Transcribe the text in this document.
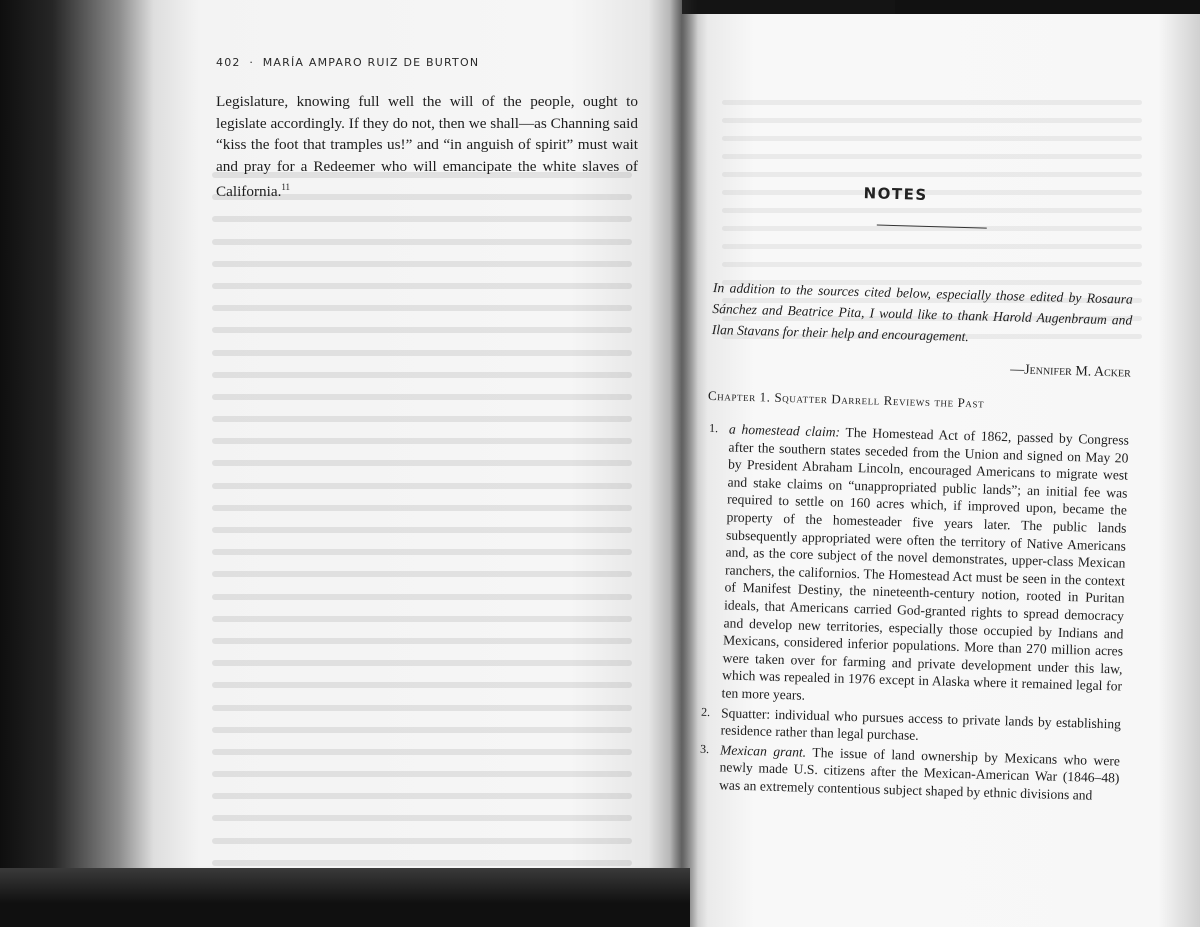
402 · MARÍA AMPARO RUIZ DE BURTON

Legislature, knowing full well the will of the people, ought to legislate accordingly. If they do not, then we shall—as Channing said “kiss the foot that tramples us!” and “in anguish of spirit” must wait and pray for a Redeemer who will emancipate the white slaves of California.$^{11}$	NOTES

In addition to the sources cited below, especially those edited by Rosaura Sánchez and Beatrice Pita, I would like to thank Harold Augenbraum and Ilan Stavans for their help and encouragement.

—Jennifer M. Acker

Chapter 1. Squatter Darrell Reviews the Past
1. a homestead claim: The Homestead Act of 1862, passed by Congress after the southern states seceded from the Union and signed on May 20 by President Abraham Lincoln, encouraged Americans to migrate west and stake claims on “unappropriated public lands”; an initial fee was required to settle on 160 acres which, if improved upon, became the property of the homesteader five years later. The public lands subsequently appropriated were often the territory of Native Americans and, as the core subject of the novel demonstrates, upper-class Mexican ranchers, the californios. The Homestead Act must be seen in the context of Manifest Destiny, the nineteenth-century notion, rooted in Puritan ideals, that Americans carried God-granted rights to spread democracy and develop new territories, especially those occupied by Indians and Mexicans, considered inferior populations. More than 270 million acres were taken over for farming and private development under this law, which was repealed in 1976 except in Alaska where it remained legal for ten more years.
2. Squatter: individual who pursues access to private lands by establishing residence rather than legal purchase.
3. Mexican grant. The issue of land ownership by Mexicans who were newly made U.S. citizens after the Mexican-American War (1846–48) was an extremely contentious subject shaped by ethnic divisions and
